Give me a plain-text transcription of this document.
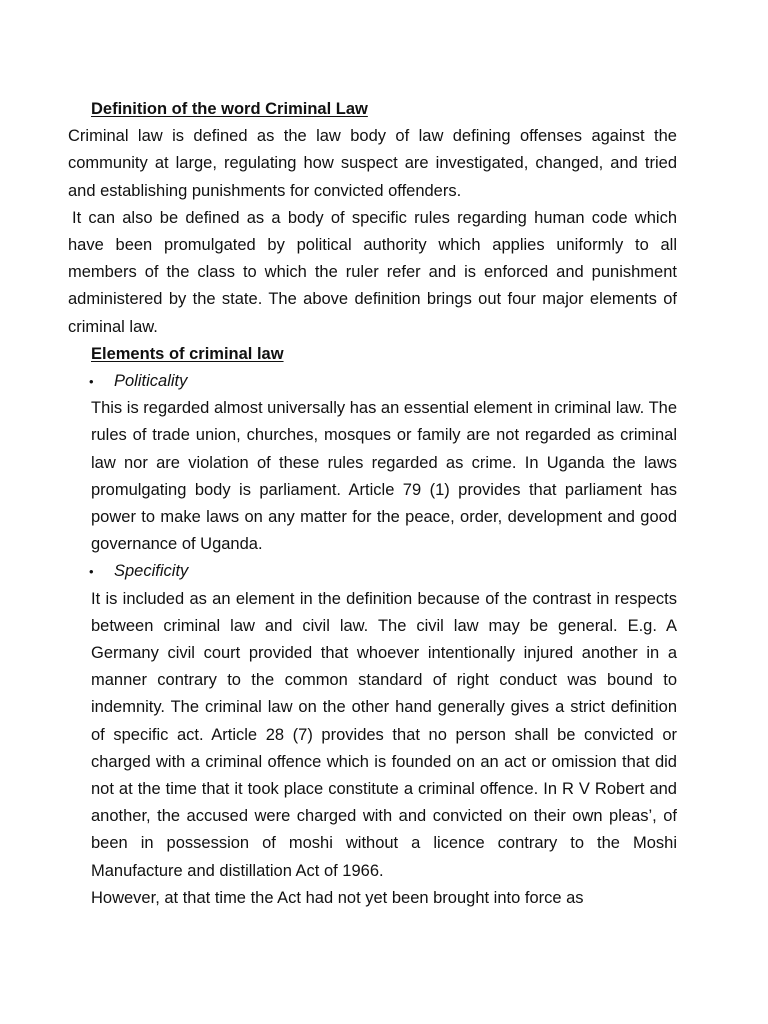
Definition of the word Criminal Law

Criminal law is defined as the law body of law defining offenses against the community at large, regulating how suspect are investigated, changed, and tried and establishing punishments for convicted offenders.

It can also be defined as a body of specific rules regarding human code which have been promulgated by political authority which applies uniformly to all members of the class to which the ruler refer and is enforced and punishment administered by the state. The above definition brings out four major elements of criminal law.

Elements of criminal law

•	Politicality

This is regarded almost universally has an essential element in criminal law. The rules of trade union, churches, mosques or family are not regarded as criminal law nor are violation of these rules regarded as crime. In Uganda the laws promulgating body is parliament. Article 79 (1) provides that parliament has power to make laws on any matter for the peace, order, development and good governance of Uganda.

•	Specificity

It is included as an element in the definition because of the contrast in respects between criminal law and civil law. The civil law may be general. E.g. A Germany civil court provided that whoever intentionally injured another in a manner contrary to the common standard of right conduct was bound to indemnity. The criminal law on the other hand generally gives a strict definition of specific act. Article 28 (7) provides that no person shall be convicted or charged with a criminal offence which is founded on an act or omission that did not at the time that it took place constitute a criminal offence. In R V Robert and another, the accused were charged with and convicted on their own pleas’, of been in possession of moshi without a licence contrary to the Moshi Manufacture and distillation Act of 1966.

However, at that time the Act had not yet been brought into force as
